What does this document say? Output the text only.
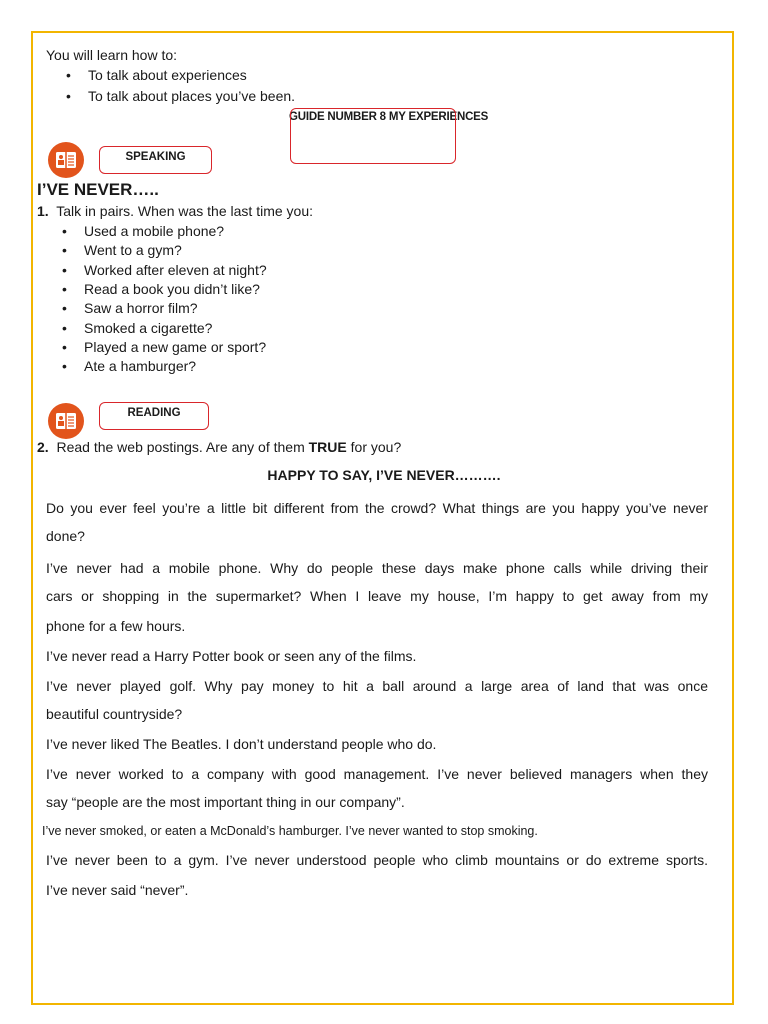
You will learn how to:
• To talk about experiences
• To talk about places you’ve been.
GUIDE NUMBER 8 MY EXPERIENCES
SPEAKING
I’VE NEVER…..
1. Talk in pairs. When was the last time you:
• Used a mobile phone?
• Went to a gym?
• Worked after eleven at night?
• Read a book you didn’t like?
• Saw a horror film?
• Smoked a cigarette?
• Played a new game or sport?
• Ate a hamburger?
READING
2. Read the web postings. Are any of them TRUE for you?
HAPPY TO SAY, I’VE NEVER……….
Do you ever feel you’re a little bit different from the crowd? What things are you happy you’ve never
done?
I’ve never had a mobile phone. Why do people these days make phone calls while driving their
cars or shopping in the supermarket? When I leave my house, I’m happy to get away from my
phone for a few hours.
I’ve never read a Harry Potter book or seen any of the films.
I’ve never played golf. Why pay money to hit a ball around a large area of land that was once
beautiful countryside?
I’ve never liked The Beatles. I don’t understand people who do.
I’ve never worked to a company with good management. I’ve never believed managers when they
say “people are the most important thing in our company”.
I’ve never smoked, or eaten a McDonald’s hamburger. I’ve never wanted to stop smoking.
I’ve never been to a gym. I’ve never understood people who climb mountains or do extreme sports.
I’ve never said “never”.
